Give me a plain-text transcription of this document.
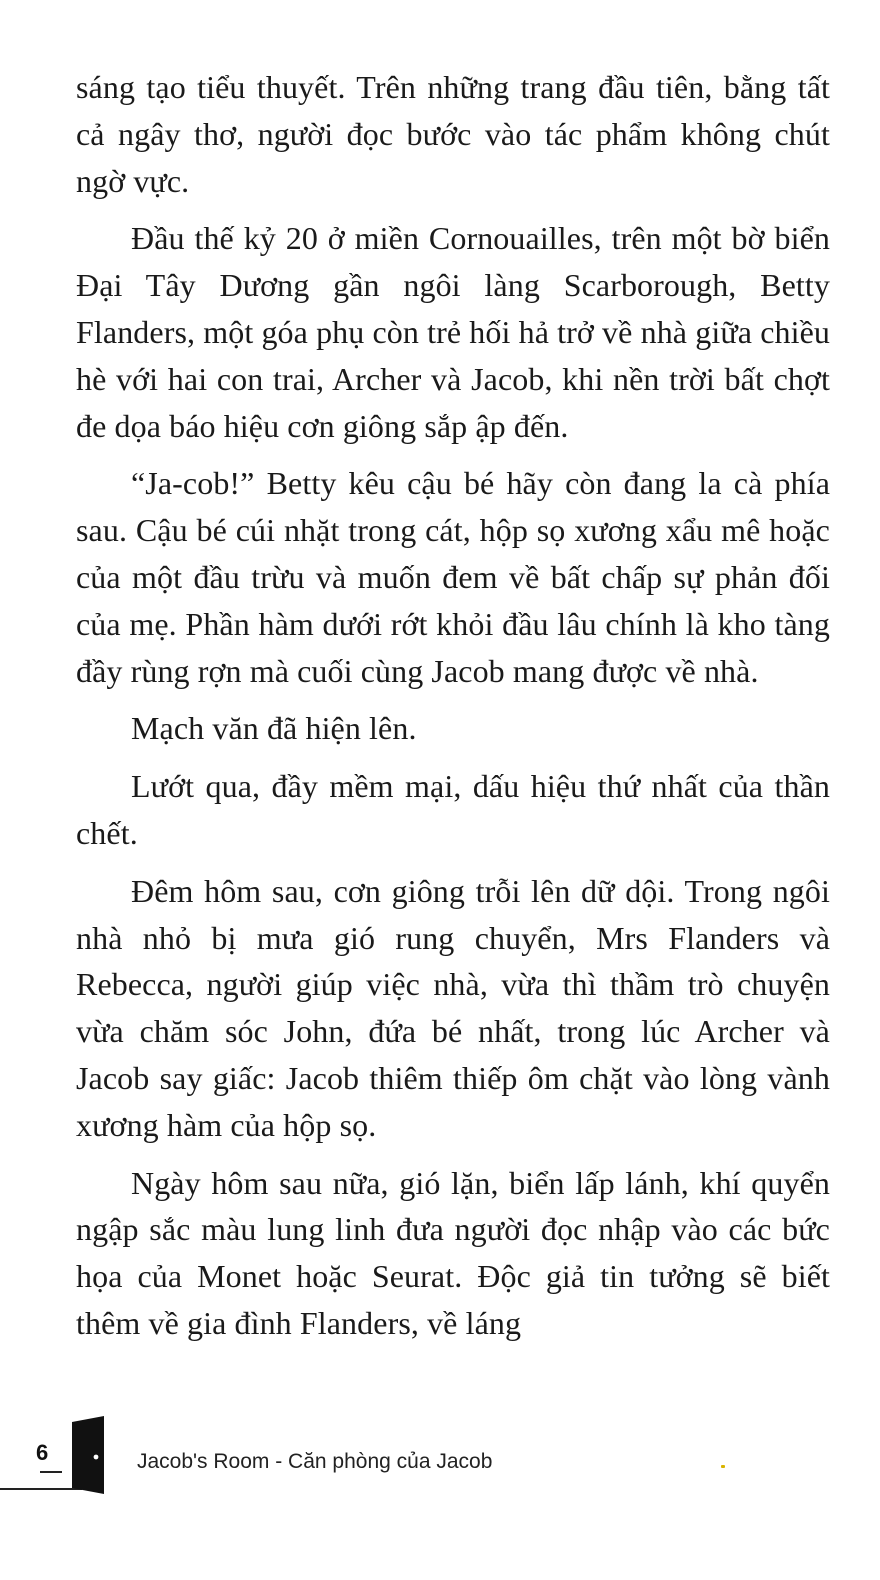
sáng tạo tiểu thuyết. Trên những trang đầu tiên, bằng tất cả ngây thơ, người đọc bước vào tác phẩm không chút ngờ vực.

Đầu thế kỷ 20 ở miền Cornouailles, trên một bờ biển Đại Tây Dương gần ngôi làng Scarborough, Betty Flanders, một góa phụ còn trẻ hối hả trở về nhà giữa chiều hè với hai con trai, Archer và Jacob, khi nền trời bất chợt đe dọa báo hiệu cơn giông sắp ập đến.

“Ja-cob!” Betty kêu cậu bé hãy còn đang la cà phía sau. Cậu bé cúi nhặt trong cát, hộp sọ xương xẩu mê hoặc của một đầu trừu và muốn đem về bất chấp sự phản đối của mẹ. Phần hàm dưới rớt khỏi đầu lâu chính là kho tàng đầy rùng rợn mà cuối cùng Jacob mang được về nhà.

Mạch văn đã hiện lên.

Lướt qua, đầy mềm mại, dấu hiệu thứ nhất của thần chết.

Đêm hôm sau, cơn giông trỗi lên dữ dội. Trong ngôi nhà nhỏ bị mưa gió rung chuyển, Mrs Flanders và Rebecca, người giúp việc nhà, vừa thì thầm trò chuyện vừa chăm sóc John, đứa bé nhất, trong lúc Archer và Jacob say giấc: Jacob thiêm thiếp ôm chặt vào lòng vành xương hàm của hộp sọ.

Ngày hôm sau nữa, gió lặn, biển lấp lánh, khí quyển ngập sắc màu lung linh đưa người đọc nhập vào các bức họa của Monet hoặc Seurat. Độc giả tin tưởng sẽ biết thêm về gia đình Flanders, về láng

6	Jacob's Room - Căn phòng của Jacob
